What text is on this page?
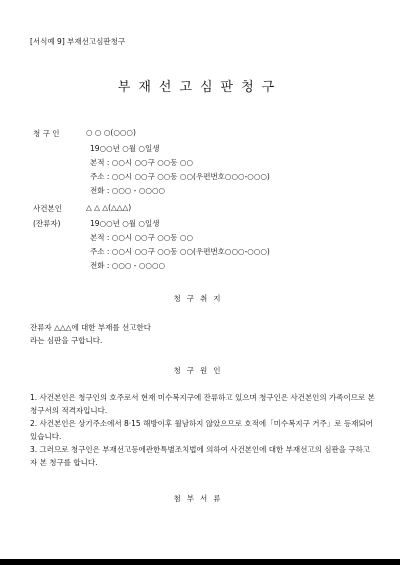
[서식예 9] 부재선고심판청구
부재선고심판청구
청 구 인	○ ○ ○(○○○)
19○○년 ○월 ○일생
본적 : ○○시 ○○구 ○○동 ○○
주소 : ○○시 ○○구 ○○동 ○○(우편번호○○○-○○○)
전화 : ○○○ - ○○○○
사건본인
(잔류자)
△ △ △(△△△)
19○○년 ○월 ○일생
본적 : ○○시 ○○구 ○○동 ○○
주소 : ○○시 ○○구 ○○동 ○○(우편번호○○○-○○○)
전화 : ○○○ - ○○○○
청구취지
잔류자 △△△에 대한 부재를 선고한다
라는 심판을 구합니다.
청구원인
1. 사건본인은 청구인의 호주로서 현재 미수복지구에 잔류하고 있으며 청구인은 사건본인의 가족이므로 본 청구서의 적격자입니다.
2. 사건본인은 상기주소에서 8·15 해방이후 월남하지 않았으므로 호적에「미수복지구 거주」로 등재되어 있습니다.
3. 그러므로 청구인은 부재선고등에관한특별조치법에 의하여 사건본인에 대한 부재선고의 심판을 구하고자 본 청구를 합니다.
첨부서류
